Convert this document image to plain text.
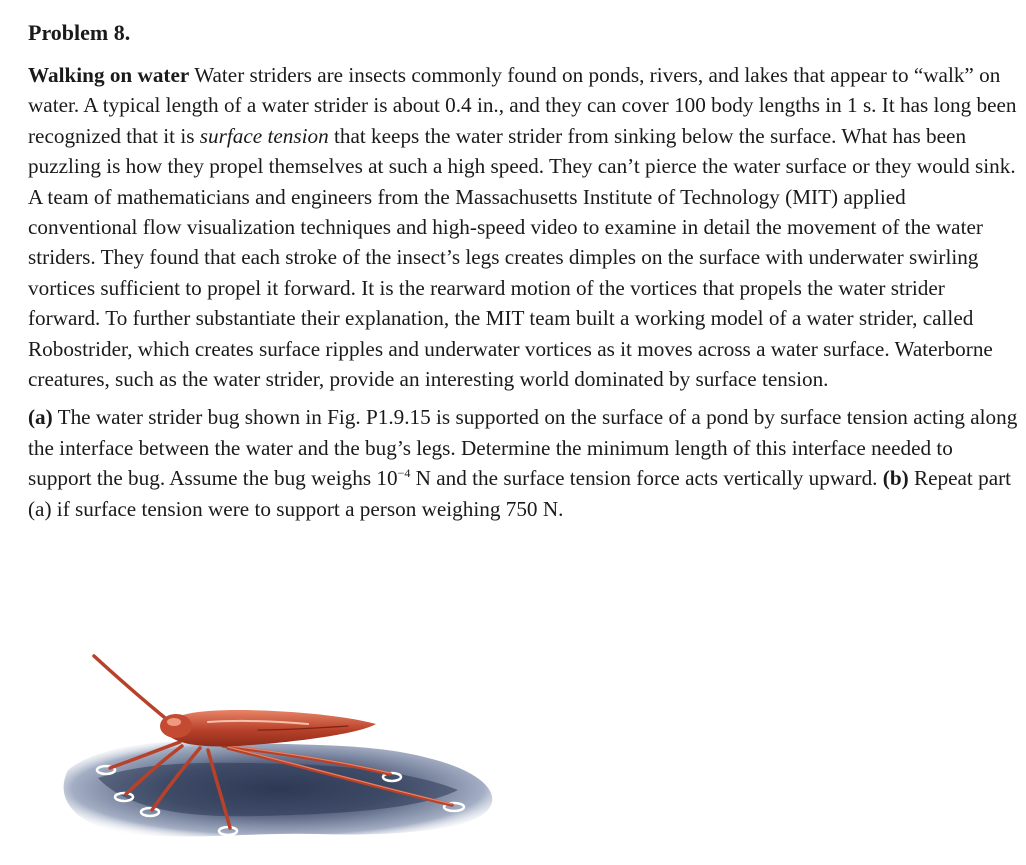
Problem 8.

Walking on water Water striders are insects commonly found on ponds, rivers, and lakes that appear to “walk” on water. A typical length of a water strider is about 0.4 in., and they can cover 100 body lengths in 1 s. It has long been recognized that it is surface tension that keeps the water strider from sinking below the surface. What has been puzzling is how they propel themselves at such a high speed. They can’t pierce the water surface or they would sink. A team of mathematicians and engineers from the Massachusetts Institute of Technology (MIT) applied conventional flow visualization techniques and high-speed video to examine in detail the movement of the water striders. They found that each stroke of the insect’s legs creates dimples on the surface with underwater swirling vortices sufficient to propel it forward. It is the rearward motion of the vortices that propels the water strider forward. To further substantiate their explanation, the MIT team built a working model of a water strider, called Robostrider, which creates surface ripples and underwater vortices as it moves across a water surface. Waterborne creatures, such as the water strider, provide an interesting world dominated by surface tension.

(a) The water strider bug shown in Fig. P1.9.15 is supported on the surface of a pond by surface tension acting along the interface between the water and the bug’s legs. Determine the minimum length of this interface needed to support the bug. Assume the bug weighs $10^{-4}$ N and the surface tension force acts vertically upward. (b) Repeat part (a) if surface tension were to support a person weighing 750 N.
